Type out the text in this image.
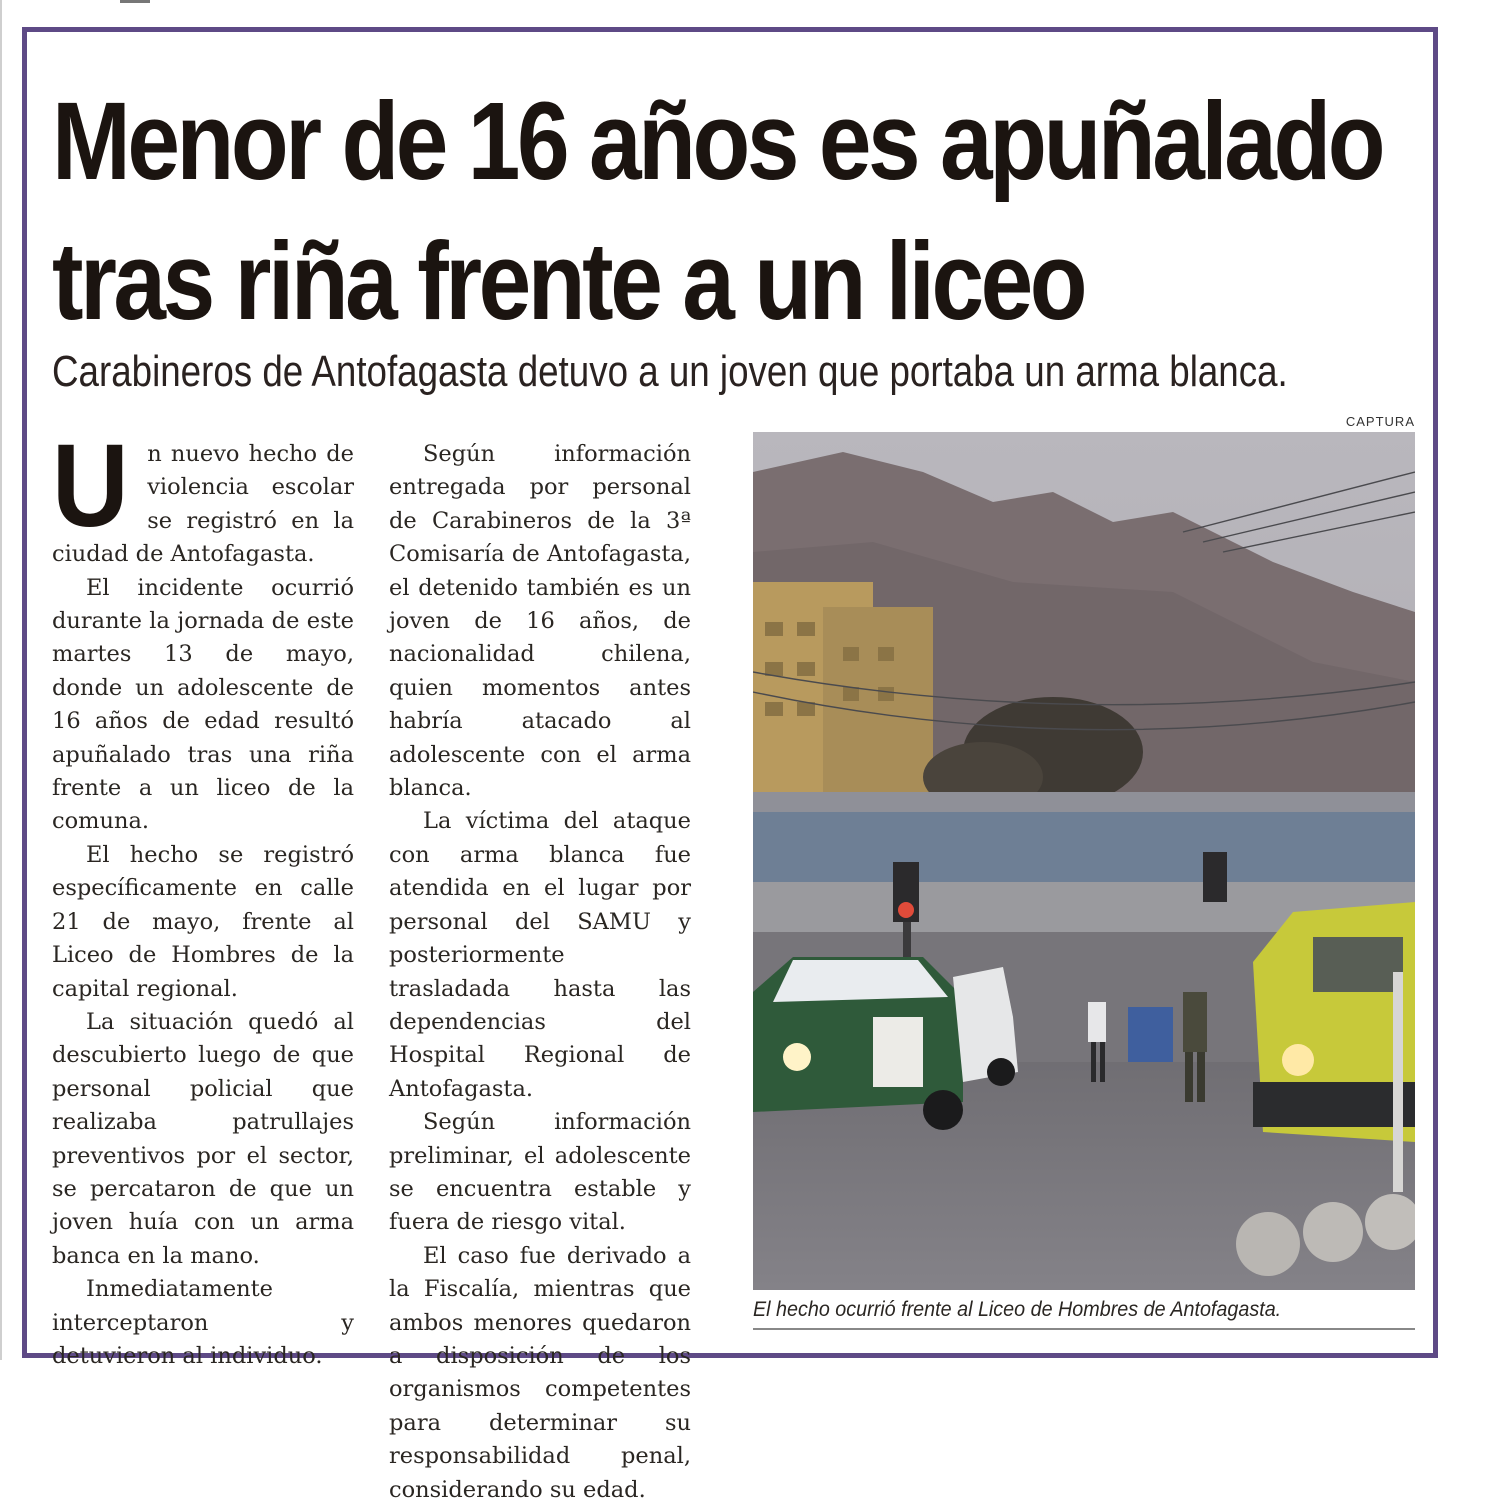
Menor de 16 años es apuñalado
tras riña frente a un liceo

Carabineros de Antofagasta detuvo a un joven que portaba un arma blanca.

CAPTURA

Un nuevo hecho de violencia escolar se registró en la ciudad de Antofagasta.

El incidente ocurrió durante la jornada de este martes 13 de mayo, donde un adolescente de 16 años de edad resultó apuñalado tras una riña frente a un liceo de la comuna.

El hecho se registró específicamente en calle 21 de mayo, frente al Liceo de Hombres de la capital regional.

La situación quedó al descubierto luego de que personal policial que realizaba patrullajes preventivos por el sector, se percataron de que un joven huía con un arma banca en la mano.

Inmediatamente interceptaron y detuvieron al individuo.

Según información entregada por personal de Carabineros de la 3ª Comisaría de Antofagasta, el detenido también es un joven de 16 años, de nacionalidad chilena, quien momentos antes habría atacado al adolescente con el arma blanca.

La víctima del ataque con arma blanca fue atendida en el lugar por personal del SAMU y posteriormente trasladada hasta las dependencias del Hospital Regional de Antofagasta.

Según información preliminar, el adolescente se encuentra estable y fuera de riesgo vital.

El caso fue derivado a la Fiscalía, mientras que ambos menores quedaron a disposición de los organismos competentes para determinar su responsabilidad penal, considerando su edad.

El hecho ocurrió frente al Liceo de Hombres de Antofagasta.
